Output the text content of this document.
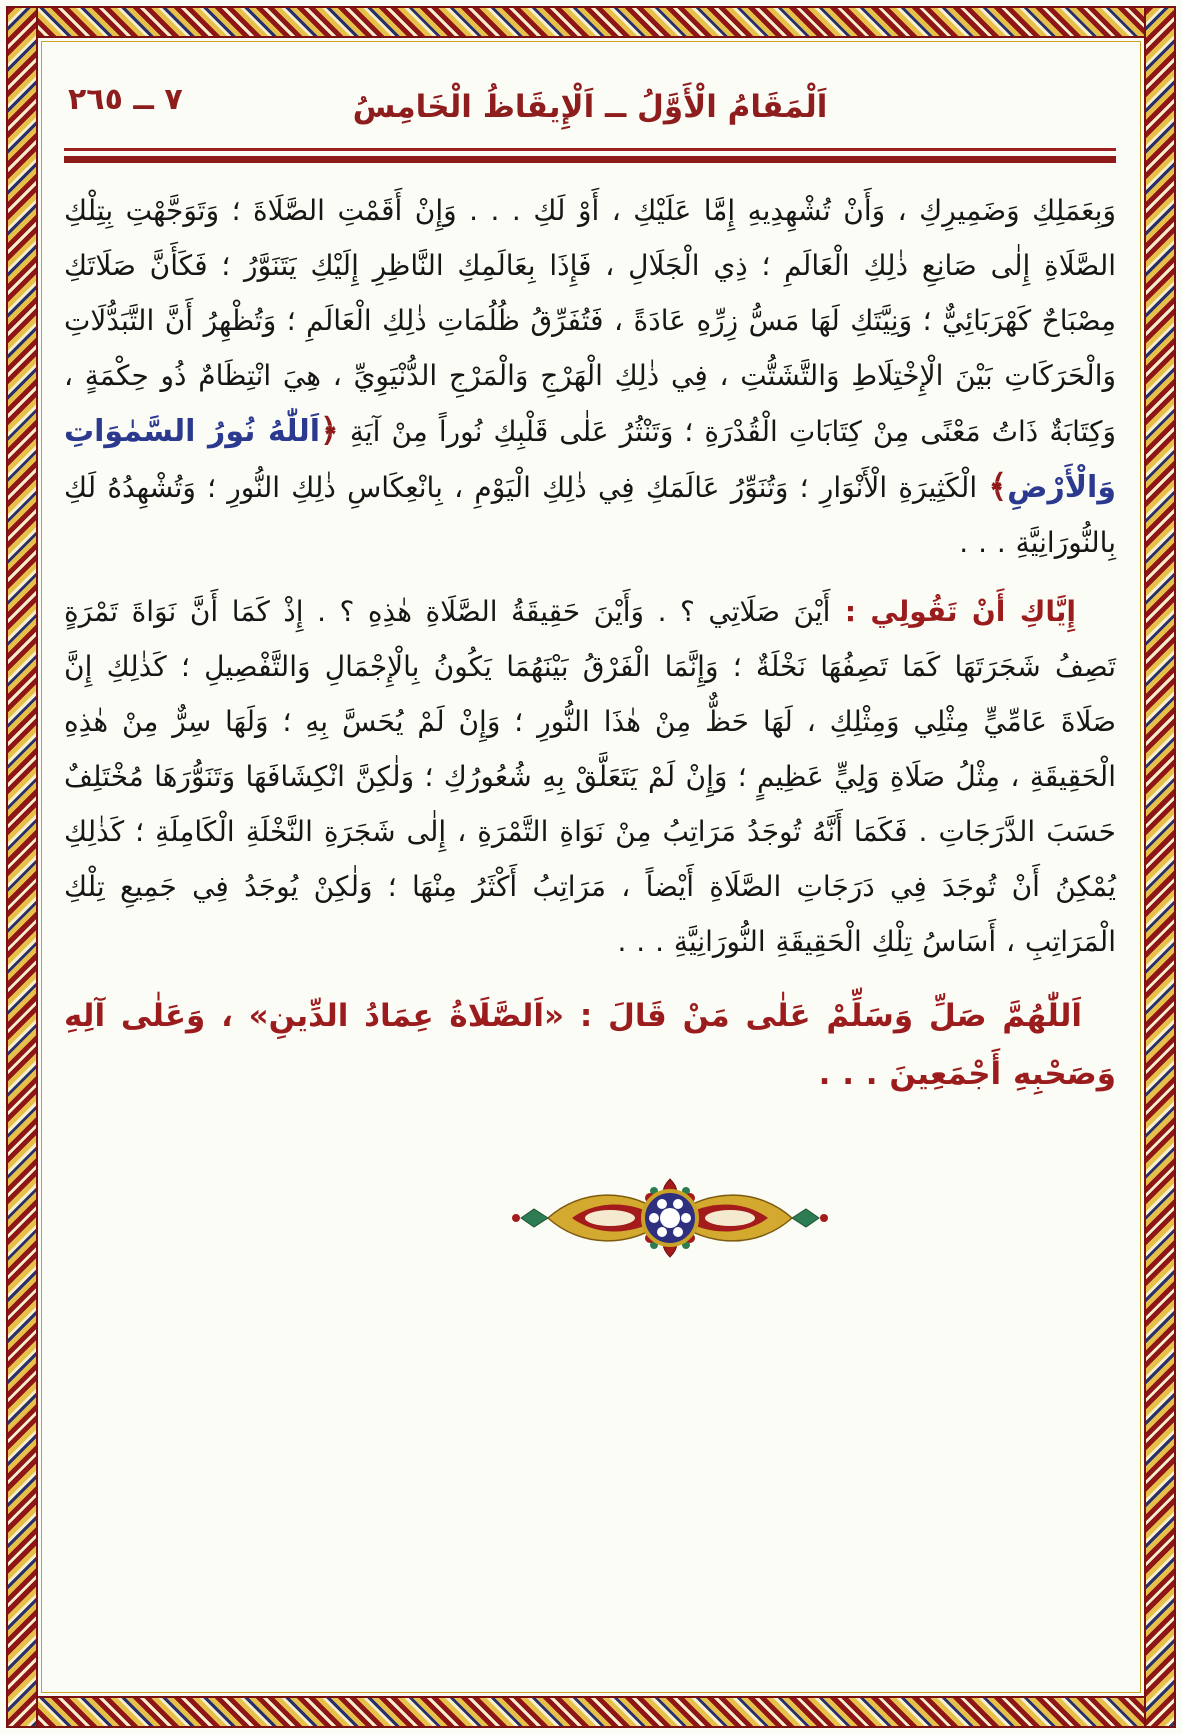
اَلْمَقَامُ الْأَوَّلُ ــ اَلْإِيقَاظُ الْخَامِسُ
٧ ــ ٢٦٥

وَبِعَمَلِكِ وَضَمِيرِكِ ، وَأَنْ تُشْهِدِيهِ إِمَّا عَلَيْكِ ، أَوْ لَكِ . . . وَإِنْ أَقَمْتِ الصَّلَاةَ ؛ وَتَوَجَّهْتِ بِتِلْكِ الصَّلَاةِ إِلٰى صَانِعِ ذٰلِكِ الْعَالَمِ ؛ ذِي الْجَلَالِ ، فَإِذَا بِعَالَمِكِ النَّاظِرِ إِلَيْكِ يَتَنَوَّرُ ؛ فَكَأَنَّ صَلَاتَكِ مِصْبَاحٌ كَهْرَبَائِيٌّ ؛ وَنِيَّتَكِ لَهَا مَسُّ زِرِّهِ عَادَةً ، فَتُفَرِّقُ ظُلُمَاتِ ذٰلِكِ الْعَالَمِ ؛ وَتُظْهِرُ أَنَّ التَّبَدُّلَاتِ وَالْحَرَكَاتِ بَيْنَ الْإِخْتِلَاطِ وَالتَّشَتُّتِ ، فِي ذٰلِكِ الْهَرْجِ وَالْمَرْجِ الدُّنْيَوِيِّ ، هِيَ انْتِظَامٌ ذُو حِكْمَةٍ ، وَكِتَابَةٌ ذَاتُ مَعْنًى مِنْ كِتَابَاتِ الْقُدْرَةِ ؛ وَتَنْثُرُ عَلٰى قَلْبِكِ نُوراً مِنْ آيَةِ ﴿اَللّٰهُ نُورُ السَّمٰوَاتِ وَالْأَرْضِ﴾ الْكَثِيرَةِ الْأَنْوَارِ ؛ وَتُنَوِّرُ عَالَمَكِ فِي ذٰلِكِ الْيَوْمِ ، بِانْعِكَاسِ ذٰلِكِ النُّورِ ؛ وَتُشْهِدُهُ لَكِ بِالنُّورَانِيَّةِ . . .

إِيَّاكِ أَنْ تَقُولِي : أَيْنَ صَلَاتِي ؟ . وَأَيْنَ حَقِيقَةُ الصَّلَاةِ هٰذِهِ ؟ . إِذْ كَمَا أَنَّ نَوَاةَ تَمْرَةٍ تَصِفُ شَجَرَتَهَا كَمَا تَصِفُهَا نَخْلَةٌ ؛ وَإِنَّمَا الْفَرْقُ بَيْنَهُمَا يَكُونُ بِالْإِجْمَالِ وَالتَّفْصِيلِ ؛ كَذٰلِكِ إِنَّ صَلَاةَ عَامِّيٍّ مِثْلِي وَمِثْلِكِ ، لَهَا حَظٌّ مِنْ هٰذَا النُّورِ ؛ وَإِنْ لَمْ يُحَسَّ بِهِ ؛ وَلَهَا سِرٌّ مِنْ هٰذِهِ الْحَقِيقَةِ ، مِثْلُ صَلَاةِ وَلِيٍّ عَظِيمٍ ؛ وَإِنْ لَمْ يَتَعَلَّقْ بِهِ شُعُورُكِ ؛ وَلٰكِنَّ انْكِشَافَهَا وَتَنَوُّرَهَا مُخْتَلِفٌ حَسَبَ الدَّرَجَاتِ . فَكَمَا أَنَّهُ تُوجَدُ مَرَاتِبُ مِنْ نَوَاةِ التَّمْرَةِ ، إِلٰى شَجَرَةِ النَّخْلَةِ الْكَامِلَةِ ؛ كَذٰلِكِ يُمْكِنُ أَنْ تُوجَدَ فِي دَرَجَاتِ الصَّلَاةِ أَيْضاً ، مَرَاتِبُ أَكْثَرُ مِنْهَا ؛ وَلٰكِنْ يُوجَدُ فِي جَمِيعِ تِلْكِ الْمَرَاتِبِ ، أَسَاسُ تِلْكِ الْحَقِيقَةِ النُّورَانِيَّةِ . . .

اَللّٰهُمَّ صَلِّ وَسَلِّمْ عَلٰى مَنْ قَالَ : «اَلصَّلَاةُ عِمَادُ الدِّينِ» ، وَعَلٰى آلِهِ وَصَحْبِهِ أَجْمَعِينَ . . .
